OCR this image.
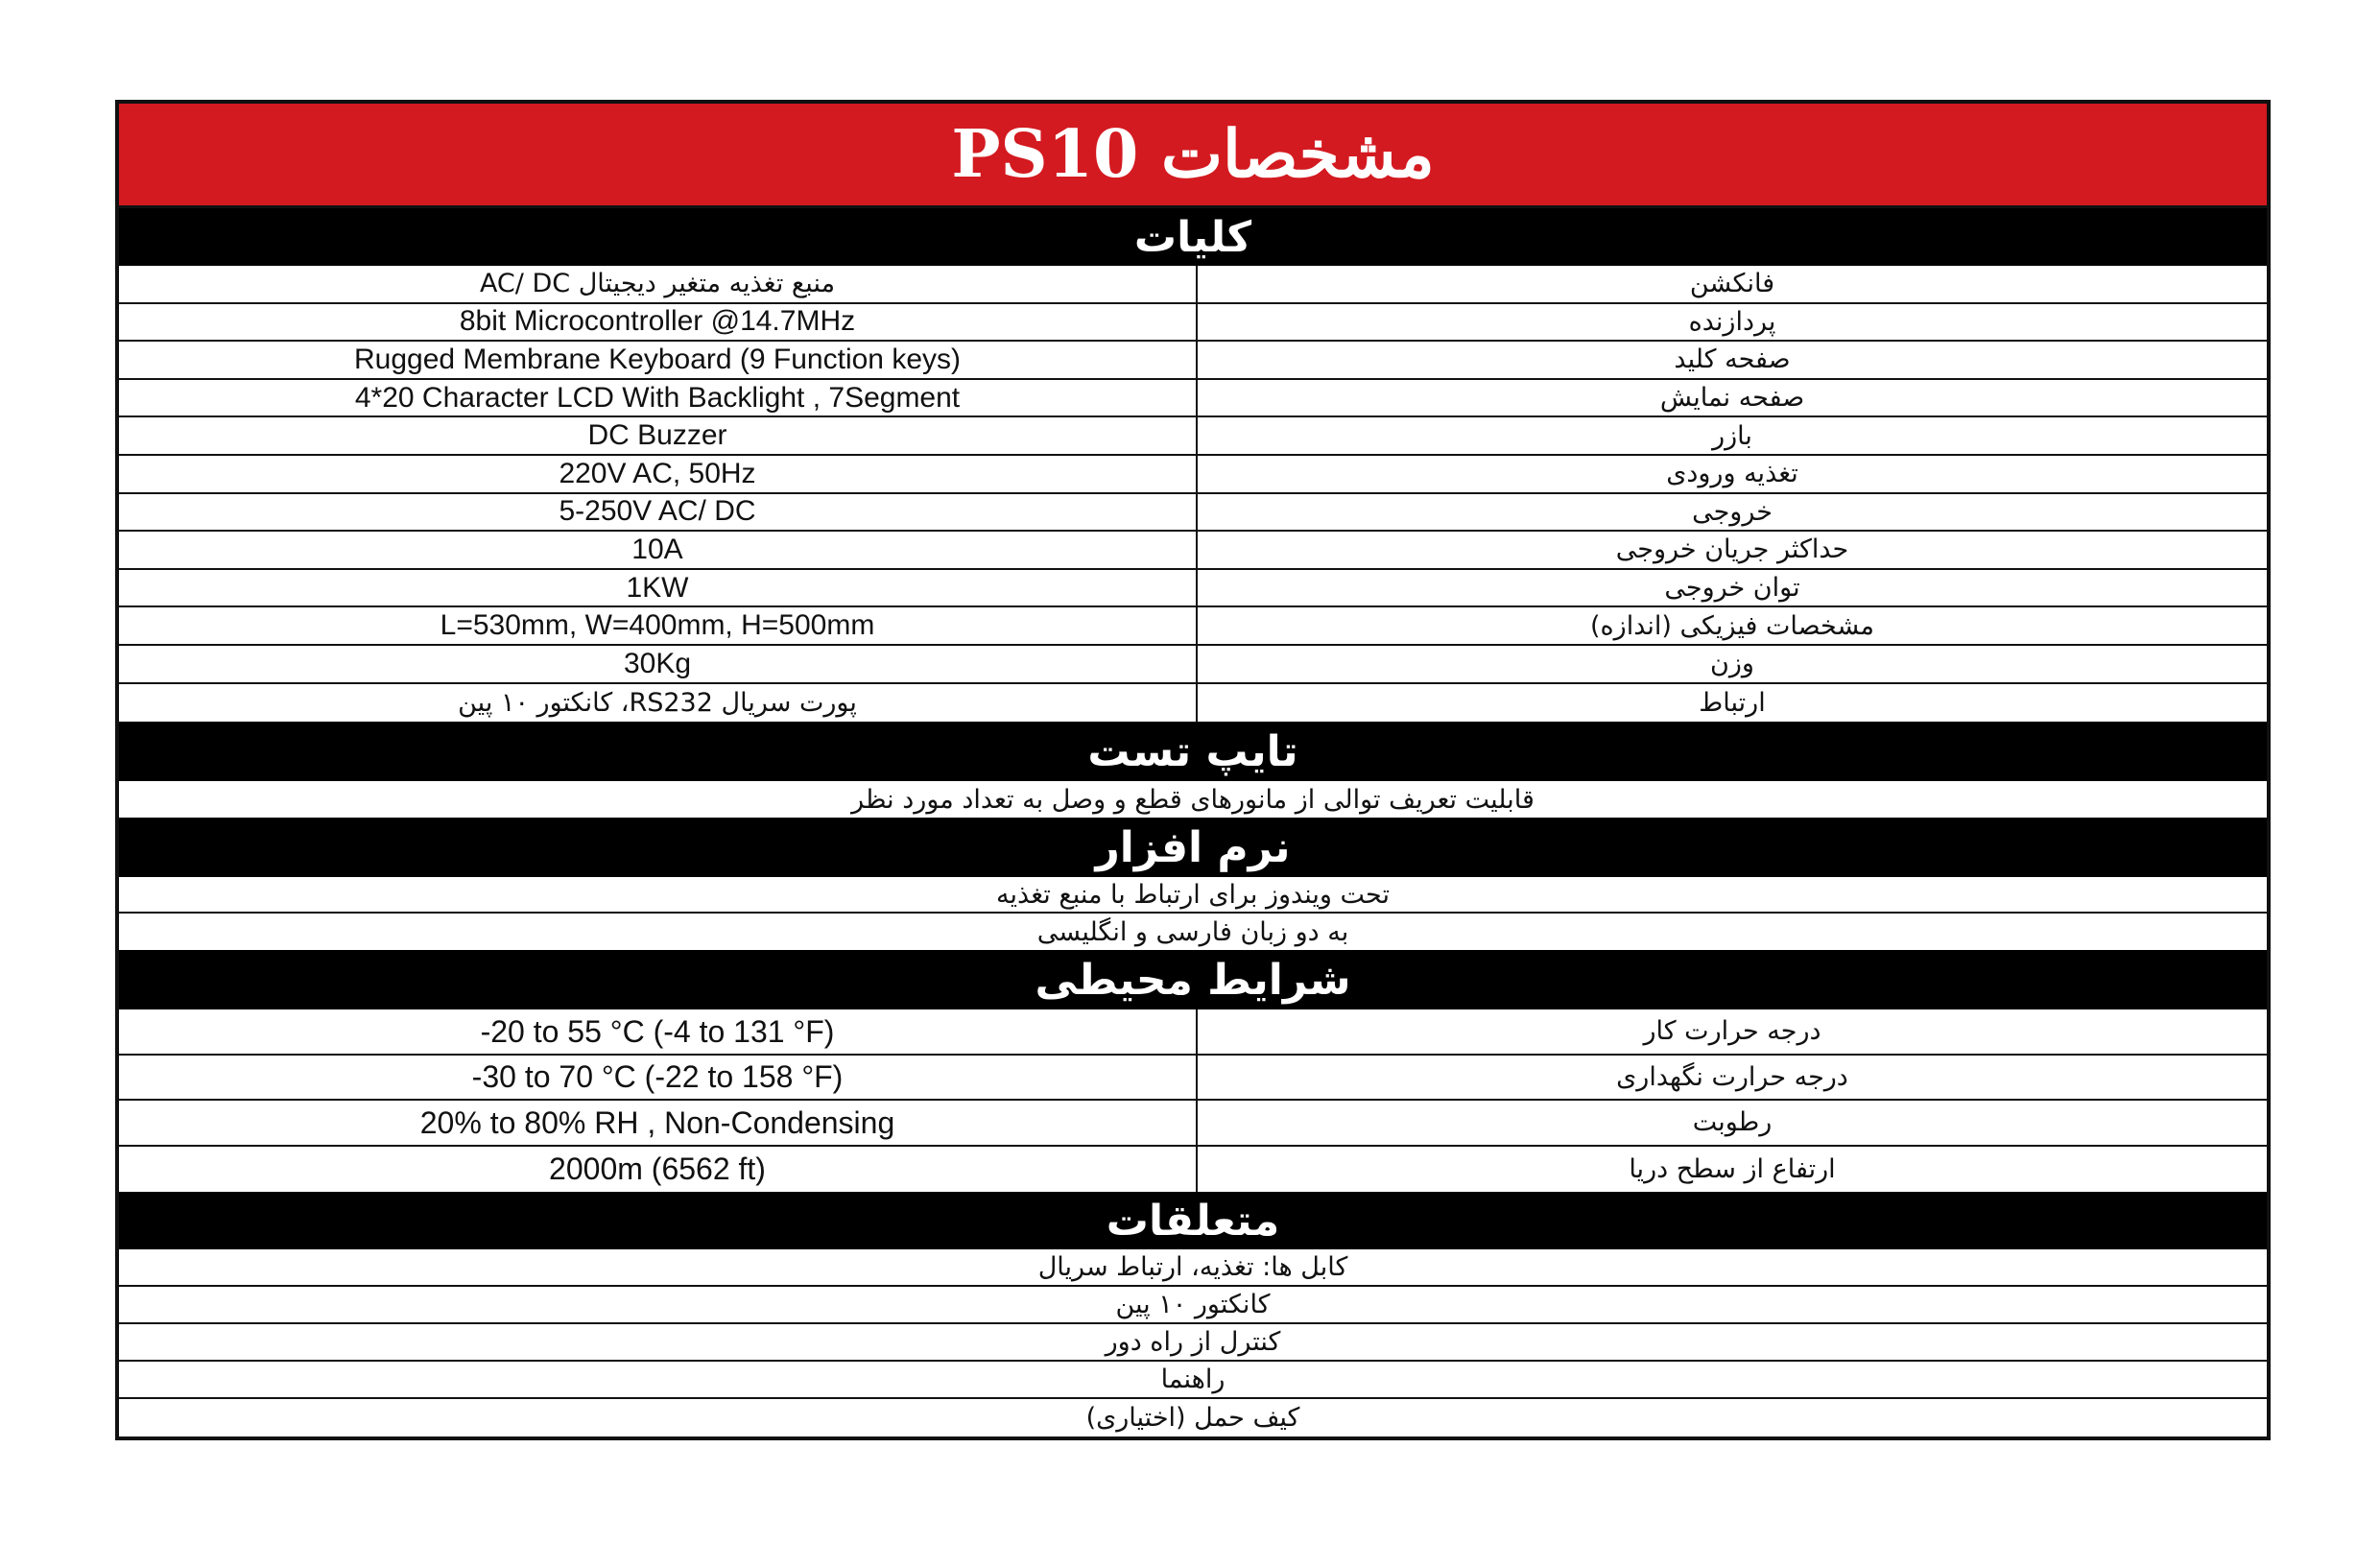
مشخصات PS10
کلیات
منبع تغذیه متغیر دیجیتال AC/ DC	فانکشن
8bit Microcontroller @14.7MHz	پردازنده
Rugged Membrane Keyboard (9 Function keys)	صفحه کلید
4*20 Character LCD With Backlight , 7Segment	صفحه نمایش
DC Buzzer	بازر
220V AC, 50Hz	تغذیه ورودی
5-250V AC/ DC	خروجی
10A	حداکثر جریان خروجی
1KW	توان خروجی
L=530mm, W=400mm, H=500mm	مشخصات فیزیکی (اندازه)
30Kg	وزن
پورت سریال RS232، کانکتور ۱۰ پین	ارتباط
تایپ تست
قابلیت تعریف توالی از مانورهای قطع و وصل به تعداد مورد نظر
نرم افزار
تحت ویندوز برای ارتباط با منبع تغذیه
به دو زبان فارسی و انگلیسی
شرایط محیطی
-20 to 55 °C (-4 to 131 °F)	درجه حرارت کار
-30 to 70 °C (-22 to 158 °F)	درجه حرارت نگهداری
20% to 80% RH , Non-Condensing	رطوبت
2000m (6562 ft)	ارتفاع از سطح دریا
متعلقات
کابل ها: تغذیه، ارتباط سریال
کانکتور ۱۰ پین
کنترل از راه دور
راهنما
کیف حمل (اختیاری)
